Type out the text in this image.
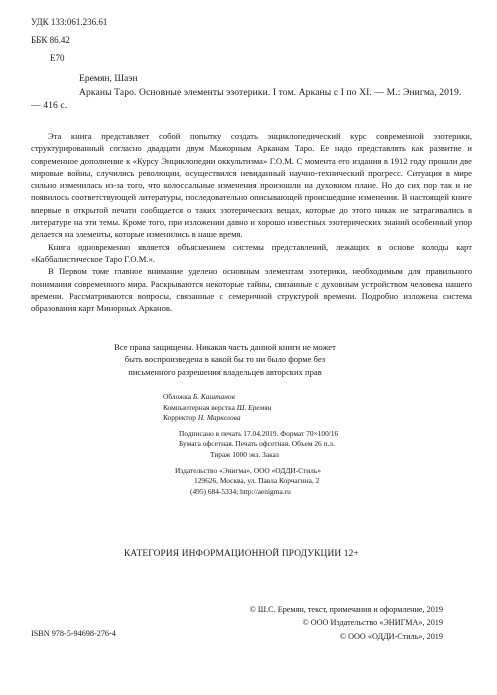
УДК 133:061.236.61
ББК 86.42
Е70
Еремян, Шаэн
Арканы Таро. Основные элементы эзотерики. I том. Арканы с I по XI. — М.: Энигма, 2019. — 416 с.

Эта книга представляет собой попытку создать энциклопедический курс современной эзотерики, структурированный согласно двадцати двум Мажорным Арканам Таро. Ее надо представлять как развитие и современное дополнение к «Курсу Энциклопедии оккультизма» Г.О.М. С момента его издания в 1912 году прошли две мировые войны, случились революции, осуществился невиданный научно-технический прогресс. Ситуация в мире сильно изменилась из-за того, что колоссальные изменения произошли на духовном плане. Но до сих пор так и не появилось соответствующей литературы, последовательно описывающей происшедшие изменения. В настоящей книге впервые в открытой печати сообщается о таких эзотерических вещах, которые до этого никак не затрагивались в литературе на эти темы. Кроме того, при изложении давно и хорошо известных эзотерических знаний особенный упор делается на элементы, которые изменились в наше время.

Книга одновременно является объяснением системы представлений, лежащих в основе колоды карт «Каббалистическое Таро Г.О.М.».

В Первом томе главное внимание уделено основным элементам эзотерики, необходимым для правильного понимания современного мира. Раскрываются некоторые тайны, связанные с духовным устройством человека нашего времени. Рассматриваются вопросы, связанные с семеричной структурой времени. Подробно изложена система образования карт Минорных Арканов.

Все права защищены. Никакая часть данной книги не может
быть воспроизведена в какой бы то ни было форме без
письменного разрешения владельцев авторских прав
Обложка Б. Каштанов
Компьютерная верстка Ш. Еремян
Корректор Н. Маркелова
Подписано в печать 17.04.2019. Формат 70×100/16
Бумага офсетная. Печать офсетная. Объем 26 п.л.
Тираж 1000 экз. Заказ
Издательство «Энигма», ООО «ОДДИ-Стиль»
129626, Москва, ул. Павла Корчагина, 2
(495) 684-5334; http://aenigma.ru
КАТЕГОРИЯ ИНФОРМАЦИОННОЙ ПРОДУКЦИИ 12+
© Ш.С. Еремян, текст, примечания и оформление, 2019
© ООО Издательство «ЭНИГМА», 2019
© ООО «ОДДИ-Стиль», 2019
ISBN 978-5-94698-276-4
